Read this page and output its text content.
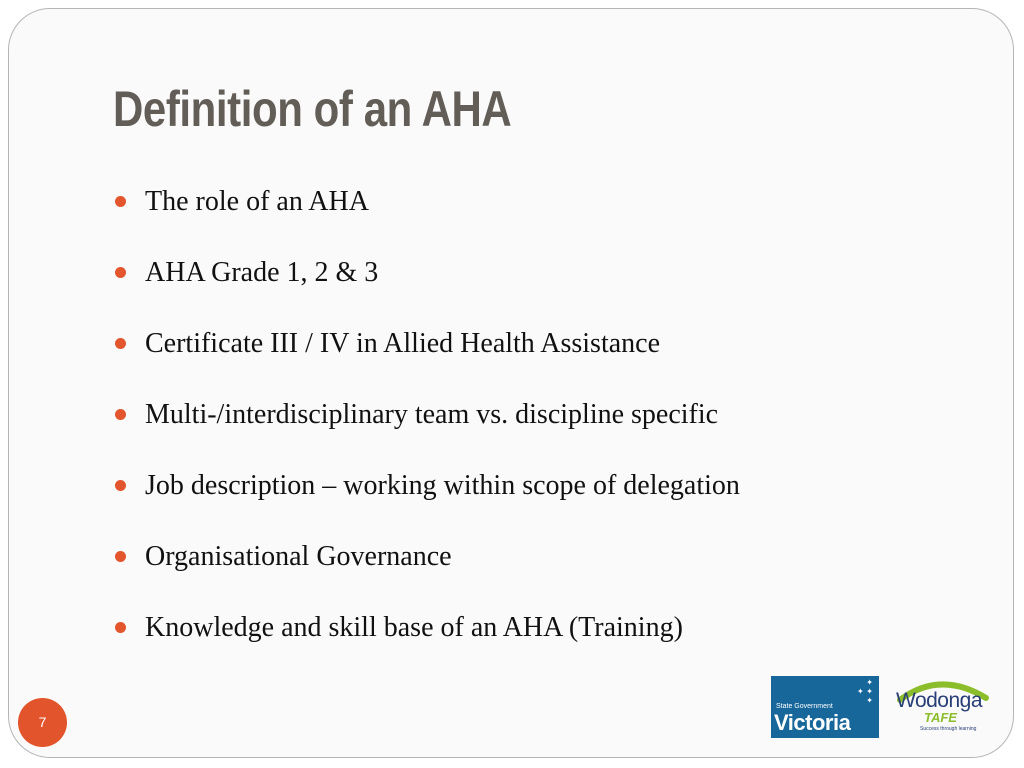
Definition of an AHA
The role of an AHA
AHA Grade 1, 2 & 3
Certificate III / IV in Allied Health Assistance
Multi-/interdisciplinary team vs. discipline specific
Job description – working within scope of delegation
Organisational Governance
Knowledge and skill base of an AHA (Training)
7
✦
✦ ✦
✦
State Government
Victoria
Wodonga
TAFE
Success through learning
